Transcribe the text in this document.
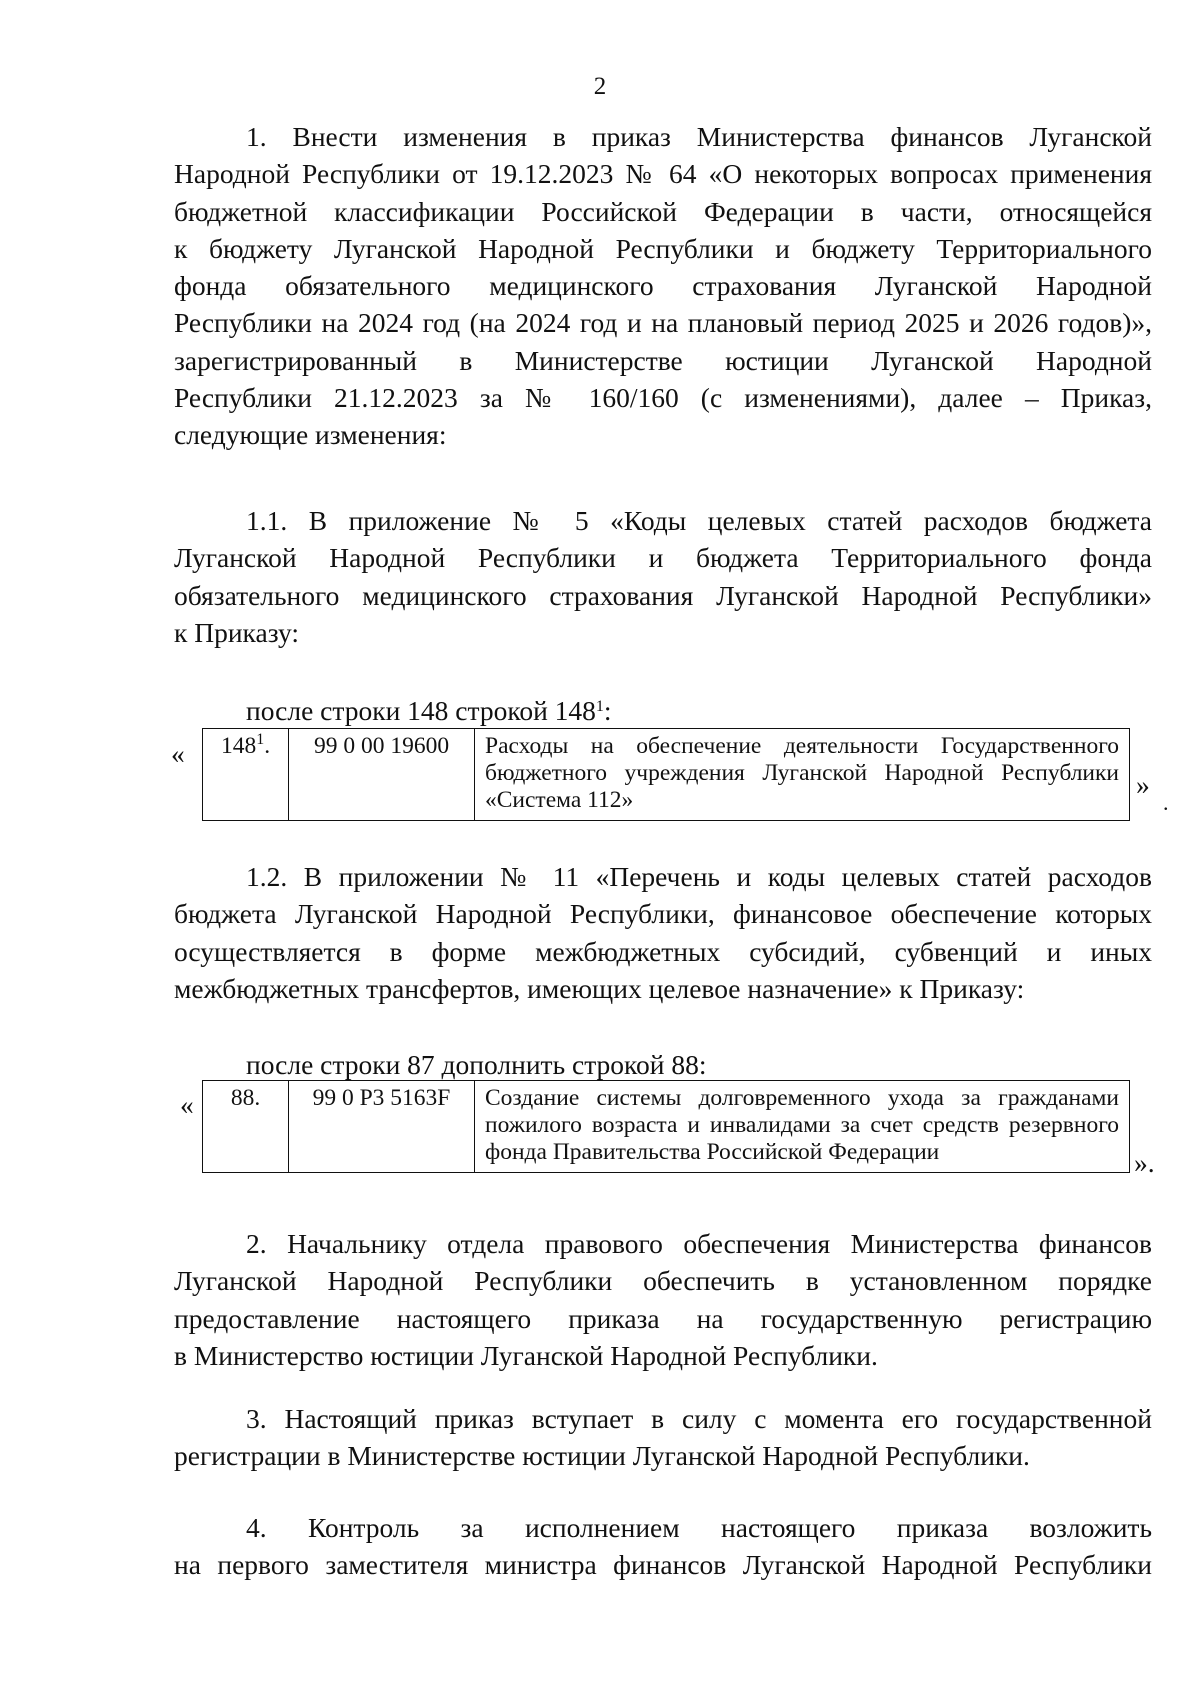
2
1. Внести изменения в приказ Министерства финансов Луганской
Народной Республики от 19.12.2023 № 64 «О некоторых вопросах применения
бюджетной классификации Российской Федерации в части, относящейся
к бюджету Луганской Народной Республики и бюджету Территориального
фонда обязательного медицинского страхования Луганской Народной
Республики на 2024 год (на 2024 год и на плановый период 2025 и 2026 годов)»,
зарегистрированный в Министерстве юстиции Луганской Народной
Республики 21.12.2023 за № 160/160 (с изменениями), далее – Приказ,
следующие изменения:
1.1. В приложение № 5 «Коды целевых статей расходов бюджета
Луганской Народной Республики и бюджета Территориального фонда
обязательного медицинского страхования Луганской Народной Республики»
к Приказу:
после строки 148 строкой $148^1$:
« $148^1$.	99 0 00 19600	Расходы на обеспечение деятельности Государственного
бюджетного учреждения Луганской Народной Республики
«Система 112»	»
.
1.2. В приложении № 11 «Перечень и коды целевых статей расходов
бюджета Луганской Народной Республики, финансовое обеспечение которых
осуществляется в форме межбюджетных субсидий, субвенций и иных
межбюджетных трансфертов, имеющих целевое назначение» к Приказу:
после строки 87 дополнить строкой 88:
« 88.	99 0 Р3 5163F	Создание системы долговременного ухода за гражданами
пожилого возраста и инвалидами за счет средств резервного
фонда Правительства Российской Федерации	».
2. Начальнику отдела правового обеспечения Министерства финансов
Луганской Народной Республики обеспечить в установленном порядке
предоставление настоящего приказа на государственную регистрацию
в Министерство юстиции Луганской Народной Республики.
3. Настоящий приказ вступает в силу с момента его государственной
регистрации в Министерстве юстиции Луганской Народной Республики.
4. Контроль за исполнением настоящего приказа возложить
на первого заместителя министра финансов Луганской Народной Республики
